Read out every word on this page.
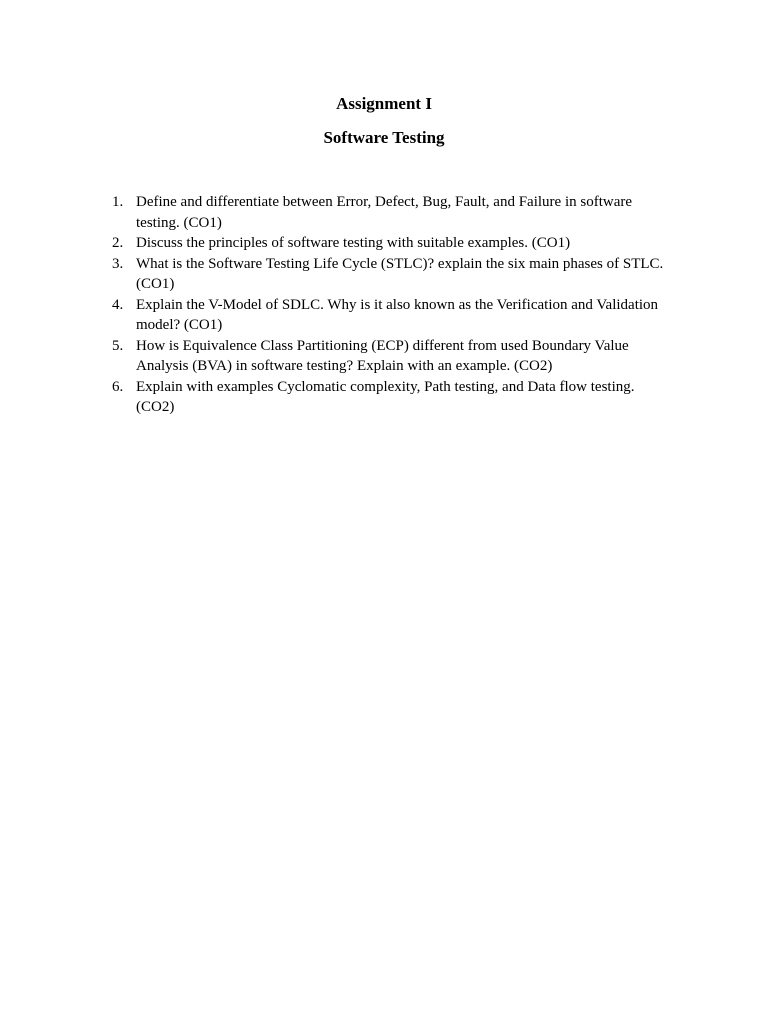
Assignment I
Software Testing
1. Define and differentiate between Error, Defect, Bug, Fault, and Failure in software testing. (CO1)
2. Discuss the principles of software testing with suitable examples. (CO1)
3. What is the Software Testing Life Cycle (STLC)? explain the six main phases of STLC. (CO1)
4. Explain the V-Model of SDLC. Why is it also known as the Verification and Validation model? (CO1)
5. How is Equivalence Class Partitioning (ECP) different from used Boundary Value Analysis (BVA) in software testing? Explain with an example. (CO2)
6. Explain with examples Cyclomatic complexity, Path testing, and Data flow testing. (CO2)
